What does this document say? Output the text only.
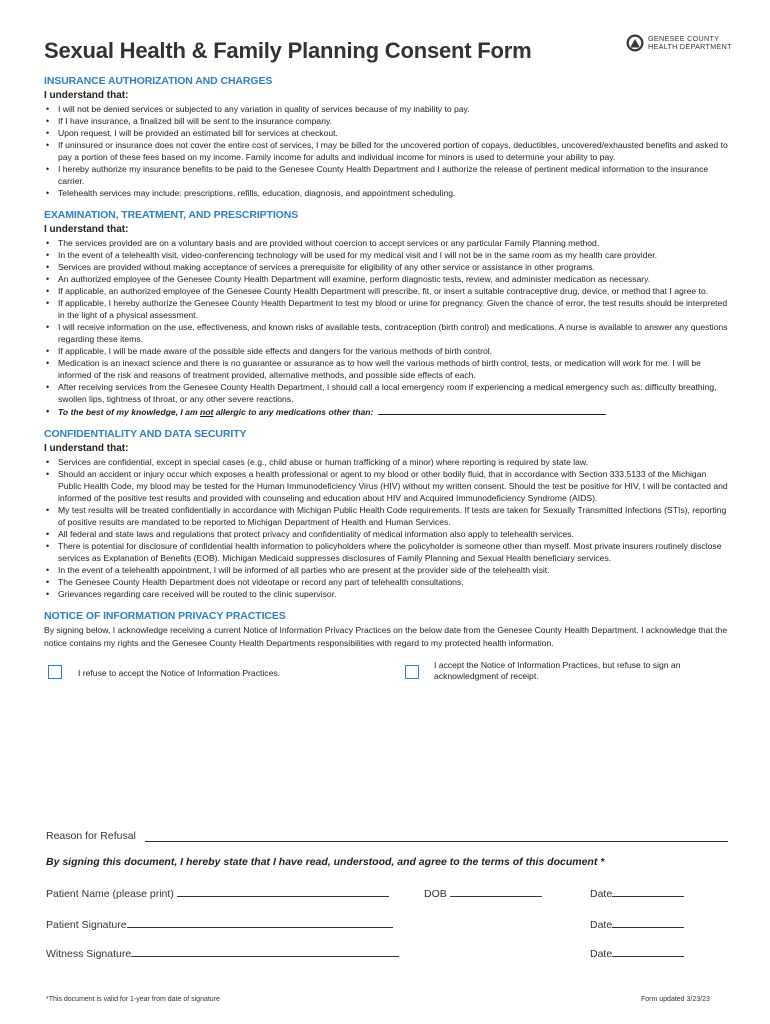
Sexual Health & Family Planning Consent Form	GENESEE COUNTY
HEALTH DEPARTMENT
INSURANCE AUTHORIZATION AND CHARGES
I understand that:
• I will not be denied services or subjected to any variation in quality of services because of my inability to pay.
• If I have insurance, a finalized bill will be sent to the insurance company.
• Upon request, I will be provided an estimated bill for services at checkout.
• If uninsured or insurance does not cover the entire cost of services, I may be billed for the uncovered portion of copays, deductibles, uncovered/exhausted benefits and asked to pay a portion of these fees based on my income. Family income for adults and individual income for minors is used to determine your ability to pay.
• I hereby authorize my insurance benefits to be paid to the Genesee County Health Department and I authorize the release of pertinent medical information to the insurance carrier.
• Telehealth services may include: prescriptions, refills, education, diagnosis, and appointment scheduling.
EXAMINATION, TREATMENT, AND PRESCRIPTIONS
I understand that:
• The services provided are on a voluntary basis and are provided without coercion to accept services or any particular Family Planning method.
• In the event of a telehealth visit, video-conferencing technology will be used for my medical visit and I will not be in the same room as my health care provider.
• Services are provided without making acceptance of services a prerequisite for eligibility of any other service or assistance in other programs.
• An authorized employee of the Genesee County Health Department will examine, perform diagnostic tests, review, and administer medication as necessary.
• If applicable, an authorized employee of the Genesee County Health Department will prescribe, fit, or insert a suitable contraceptive drug, device, or method that I agree to.
• If applicable, I hereby authorize the Genesee County Health Department to test my blood or urine for pregnancy. Given the chance of error, the test results should be interpreted in the light of a physical assessment.
• I will receive information on the use, effectiveness, and known risks of available tests, contraception (birth control) and medications. A nurse is available to answer any questions regarding these items.
• If applicable, I will be made aware of the possible side effects and dangers for the various methods of birth control.
• Medication is an inexact science and there is no guarantee or assurance as to how well the various methods of birth control, tests, or medication will work for me. I will be informed of the risk and reasons of treatment provided, alternative methods, and possible side effects of each.
• After receiving services from the Genesee County Health Department, I should call a local emergency room if experiencing a medical emergency such as: difficulty breathing, swollen lips, tightness of throat, or any other severe reactions.
• To the best of my knowledge, I am not allergic to any medications other than:
CONFIDENTIALITY AND DATA SECURITY
I understand that:
• Services are confidential, except in special cases (e.g., child abuse or human trafficking of a minor) where reporting is required by state law.
• Should an accident or injury occur which exposes a health professional or agent to my blood or other bodily fluid, that in accordance with Section 333.5133 of the Michigan Public Health Code, my blood may be tested for the Human Immunodeficiency Virus (HIV) without my written consent. Should the test be positive for HIV, I will be contacted and informed of the positive test results and provided with counseling and education about HIV and Acquired Immunodeficiency Syndrome (AIDS).
• My test results will be treated confidentially in accordance with Michigan Public Health Code requirements. If tests are taken for Sexually Transmitted Infections (STIs), reporting of positive results are mandated to be reported to Michigan Department of Health and Human Services.
• All federal and state laws and regulations that protect privacy and confidentiality of medical information also apply to telehealth services.
• There is potential for disclosure of confidential health information to policyholders where the policyholder is someone other than myself. Most private insurers routinely disclose services as Explanation of Benefits (EOB). Michigan Medicaid suppresses disclosures of Family Planning and Sexual Health beneficiary services.
• In the event of a telehealth appointment, I will be informed of all parties who are present at the provider side of the telehealth visit.
• The Genesee County Health Department does not videotape or record any part of telehealth consultations.
• Grievances regarding care received will be routed to the clinic supervisor.
NOTICE OF INFORMATION PRIVACY PRACTICES

By signing below, I acknowledge receiving a current Notice of Information Privacy Practices on the below date from the Genesee County Health Department. I acknowledge that the notice contains my rights and the Genesee County Health Departments responsibilities with regard to my protected health information.

I refuse to accept the Notice of Information Practices.
I accept the Notice of Information Practices, but refuse to sign an acknowledgment of receipt.
Reason for Refusal
By signing this document, I hereby state that I have read, understood, and agree to the terms of this document *
Patient Name (please print)	DOB	Date
Patient Signature	Date
Witness Signature	Date
*This document is valid for 1-year from date of signature	Form updated 3/23/23
